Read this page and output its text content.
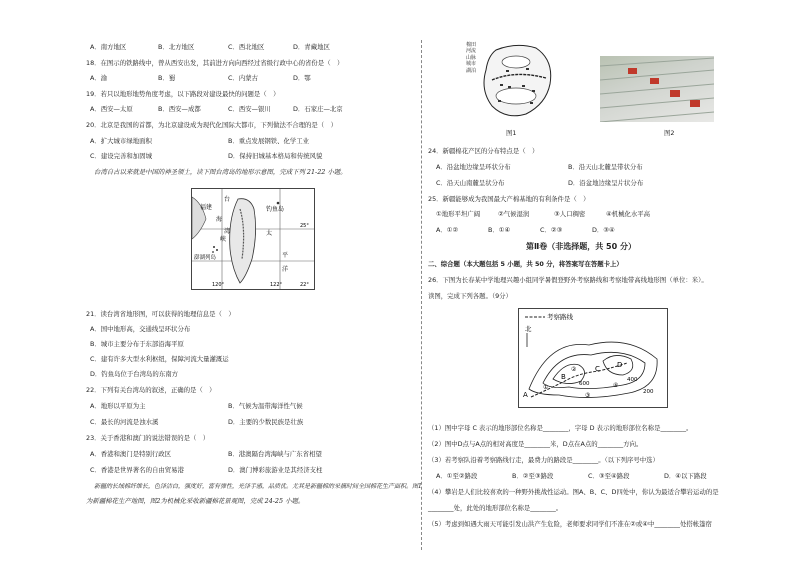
A．南方地区	B．北方地区	C．西北地区	D．青藏地区
18．在图示的铁路线中，曾从西安出发，其前进方向向西经过省级行政中心的省份是（　）
A．渝	B．蜀	C．内蒙古	D．鄂
19．若只以地形地势角度考虑，以下路段对建设最快的问题是（　）
A．西安—太原	B．西安—成都	C．西安—银川	D．石家庄—北京
20．北京是我国的首都，为北京建设成为现代化国际大都市，下列做法不合理的是（　）
A．扩大城市绿地面积	B．重点发展钢铁、化学工业
C．建设完善和加固城	D．保持旧城基本格局和传统风貌
台湾自古以来就是中国的神圣领土，读下图台湾岛的地形示意图，完成下列 21-22 小题。
福建
台
湾
海
峡
钓鱼岛
太
平
洋
澎湖列岛
120°	122°	22°
25°
21．读台湾省地形图，可以获得的地理信息是（　）
A．国中地形高，交通线呈环状分布
B．城市主要分布于东部沿海平原
C．建有许多大型水利枢纽，保障河流大量灌溉运
D．钓鱼岛位于台湾岛的东南方
22．下列有关台湾岛的叙述，正确的是（　）
A．地形以平原为主	B．气候为温带海洋性气候
C．最长的河流是浊水溪	D．主要的少数民族是壮族
23．关于香港和澳门的说法错误的是（　）
A．香港和澳门是特别行政区	B．港澳隔台湾海峡与广东省相望
C．香港是世界著名的自由贸易港	D．澳门博彩旅游业是其经济支柱
新疆的长绒棉纤维长，色泽洁白，强度好，富有弹性，光泽手感，品质优。尤其是新疆棉的采摘时间全国棉花生产面积。图1
为新疆棉花生产地图，图2为机械化采收新疆棉花景观图，完成 24-25 小题。
棉田
河流
山脉
城市
湖泊
图1	图2
24．新疆棉花产区的分布特点是（　）
A．沿盆地边缘呈环状分布	B．沿天山北麓呈带状分布
C．沿天山南麓呈状分布	D．沿盆地边缘呈片状分布
25．新疆能够成为我国最大产棉基地的有利条件是（　）
①地形平坦广阔	②气候湿润	③人口稠密	④机械化水平高
A．①②	B．①④	C．②③	D．③④
第Ⅱ卷（非选择题，共 50 分）
二、综合题（本大题包括 5 小题，共 50 分，将答案写在答题卡上）
26．下图为长春某中学地理兴趣小组同学暑假登野外考察路线和考察地带高线地形图（单位：米）。
读图，完成下列各题。（9分）
考察路线
北
A
B
C D
600
400
200
①
②
③
④
（1）图中字母 C 表示的地形部位名称是________，字母 D 表示的地形部位名称是________。
（2）图中D点与A点的相对高度是________米，D点在A点的________方向。
（3）若考察队沿着考察路线行走，最费力的路段是________。（以下列序号中选）
A．①至②路段	B．②至③路段	C．③至④路段	D．④以下路段
（4）攀岩是人们比较喜欢的一种野外挑战性运动。图A、B、C、D四处中，你认为最适合攀岩运动的是
________处，此处的地形部位名称是________。
（5）考虑到如遇大雨天可能引发山洪产生危险，老师要求同学们不准在②或④中________处搭帐篷宿
